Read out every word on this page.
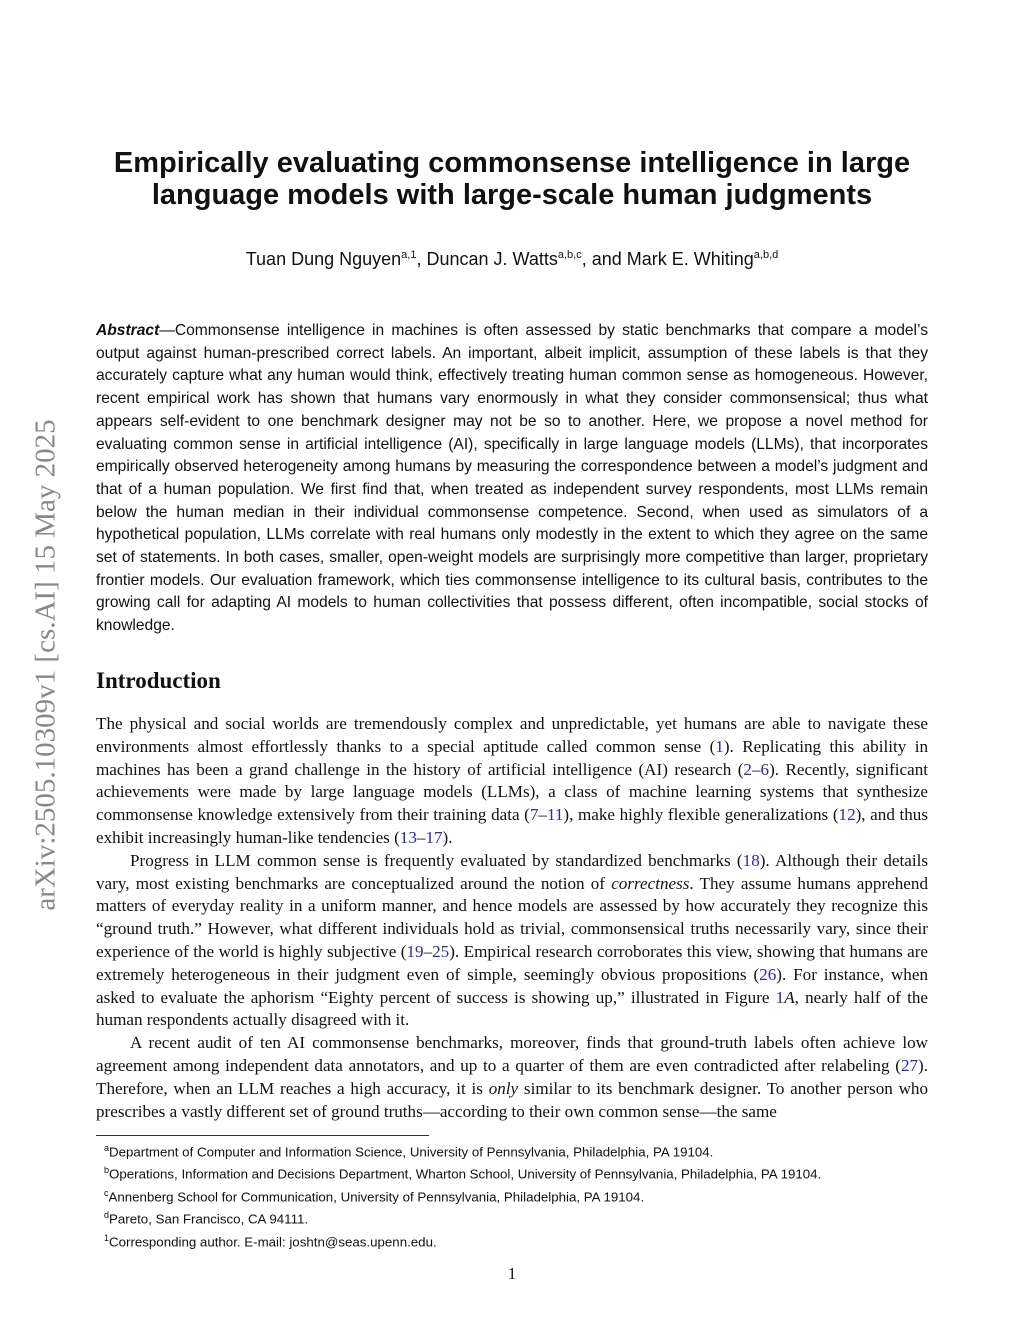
arXiv:2505.10309v1 [cs.AI] 15 May 2025
Empirically evaluating commonsense intelligence in large language models with large-scale human judgments
Tuan Dung Nguyen$^{a,1}$, Duncan J. Watts$^{a,b,c}$, and Mark E. Whiting$^{a,b,d}$
Abstract—Commonsense intelligence in machines is often assessed by static benchmarks that compare a model’s output against human-prescribed correct labels. An important, albeit implicit, assumption of these labels is that they accurately capture what any human would think, effectively treating human common sense as homogeneous. However, recent empirical work has shown that humans vary enormously in what they consider commonsensical; thus what appears self-evident to one benchmark designer may not be so to another. Here, we propose a novel method for evaluating common sense in artificial intelligence (AI), specifically in large language models (LLMs), that incorporates empirically observed heterogeneity among humans by measuring the correspondence between a model’s judgment and that of a human population. We first find that, when treated as independent survey respondents, most LLMs remain below the human median in their individual commonsense competence. Second, when used as simulators of a hypothetical population, LLMs correlate with real humans only modestly in the extent to which they agree on the same set of statements. In both cases, smaller, open-weight models are surprisingly more competitive than larger, proprietary frontier models. Our evaluation framework, which ties commonsense intelligence to its cultural basis, contributes to the growing call for adapting AI models to human collectivities that possess different, often incompatible, social stocks of knowledge.
Introduction

The physical and social worlds are tremendously complex and unpredictable, yet humans are able to navigate these environments almost effortlessly thanks to a special aptitude called common sense (1). Replicating this ability in machines has been a grand challenge in the history of artificial intelligence (AI) research (2–6). Recently, significant achievements were made by large language models (LLMs), a class of machine learning systems that synthesize commonsense knowledge extensively from their training data (7–11), make highly flexible generalizations (12), and thus exhibit increasingly human-like tendencies (13–17).

Progress in LLM common sense is frequently evaluated by standardized benchmarks (18). Although their details vary, most existing benchmarks are conceptualized around the notion of correctness. They assume humans apprehend matters of everyday reality in a uniform manner, and hence models are assessed by how accurately they recognize this “ground truth.” However, what different individuals hold as trivial, commonsensical truths necessarily vary, since their experience of the world is highly subjective (19–25). Empirical research corroborates this view, showing that humans are extremely heterogeneous in their judgment even of simple, seemingly obvious propositions (26). For instance, when asked to evaluate the aphorism “Eighty percent of success is showing up,” illustrated in Figure 1A, nearly half of the human respondents actually disagreed with it.

A recent audit of ten AI commonsense benchmarks, moreover, finds that ground-truth labels often achieve low agreement among independent data annotators, and up to a quarter of them are even contradicted after relabeling (27). Therefore, when an LLM reaches a high accuracy, it is only similar to its benchmark designer. To another person who prescribes a vastly different set of ground truths—according to their own common sense—the same

$^a$Department of Computer and Information Science, University of Pennsylvania, Philadelphia, PA 19104.
$^b$Operations, Information and Decisions Department, Wharton School, University of Pennsylvania, Philadelphia, PA 19104.
$^c$Annenberg School for Communication, University of Pennsylvania, Philadelphia, PA 19104.
$^d$Pareto, San Francisco, CA 94111.
$^1$Corresponding author. E-mail: joshtn@seas.upenn.edu.
1
